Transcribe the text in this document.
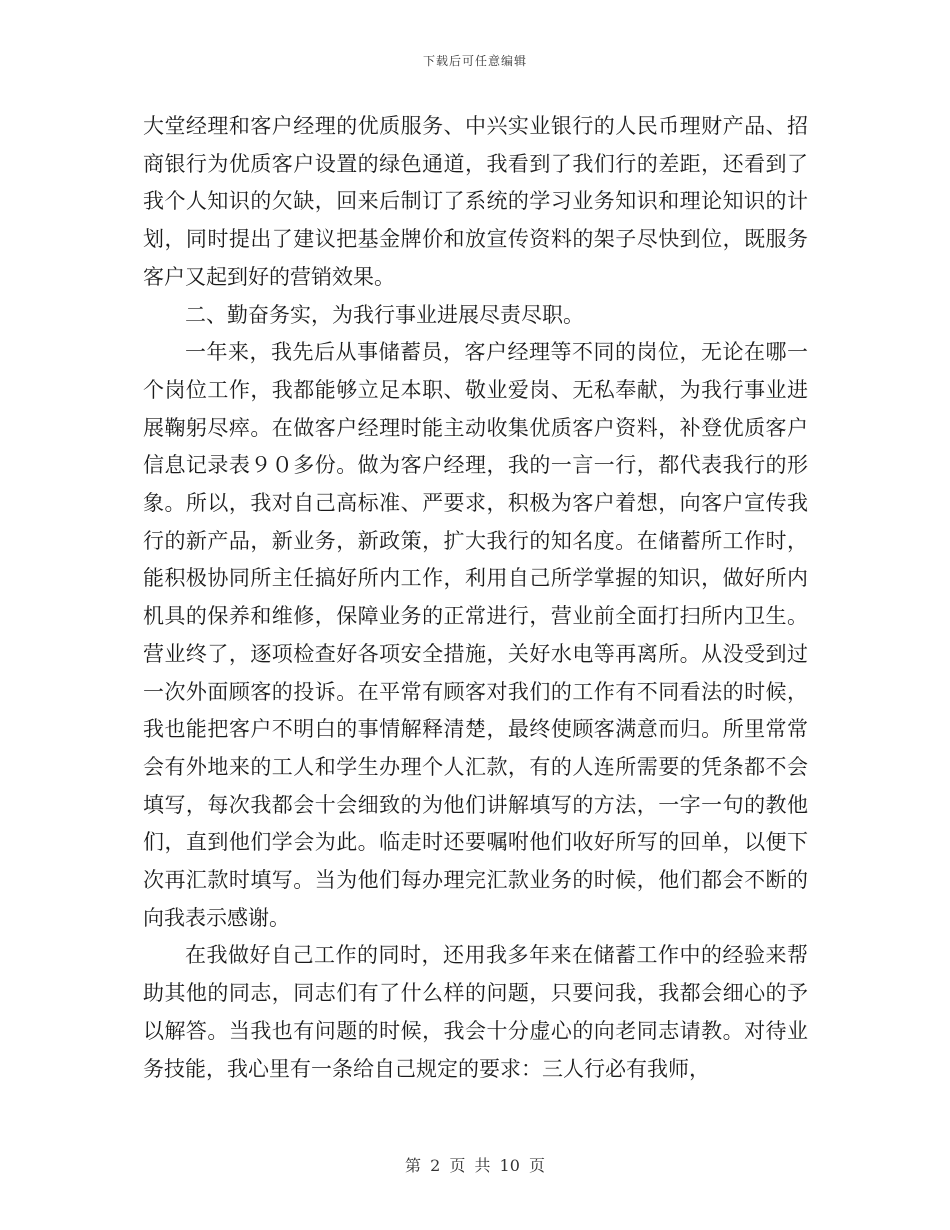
下载后可任意编辑

大堂经理和客户经理的优质服务、中兴实业银行的人民币理财产品、招商银行为优质客户设置的绿色通道，我看到了我们行的差距，还看到了我个人知识的欠缺，回来后制订了系统的学习业务知识和理论知识的计划，同时提出了建议把基金牌价和放宣传资料的架子尽快到位，既服务客户又起到好的营销效果。

二、勤奋务实，为我行事业进展尽责尽职。

一年来，我先后从事储蓄员，客户经理等不同的岗位，无论在哪一个岗位工作，我都能够立足本职、敬业爱岗、无私奉献，为我行事业进展鞠躬尽瘁。在做客户经理时能主动收集优质客户资料，补登优质客户信息记录表９０多份。做为客户经理，我的一言一行，都代表我行的形象。所以，我对自己高标准、严要求，积极为客户着想，向客户宣传我行的新产品，新业务，新政策，扩大我行的知名度。在储蓄所工作时，能积极协同所主任搞好所内工作，利用自己所学掌握的知识，做好所内机具的保养和维修，保障业务的正常进行，营业前全面打扫所内卫生。营业终了，逐项检查好各项安全措施，关好水电等再离所。从没受到过一次外面顾客的投诉。在平常有顾客对我们的工作有不同看法的时候，我也能把客户不明白的事情解释清楚，最终使顾客满意而归。所里常常会有外地来的工人和学生办理个人汇款，有的人连所需要的凭条都不会填写，每次我都会十会细致的为他们讲解填写的方法，一字一句的教他们，直到他们学会为此。临走时还要嘱咐他们收好所写的回单，以便下次再汇款时填写。当为他们每办理完汇款业务的时候，他们都会不断的向我表示感谢。

在我做好自己工作的同时，还用我多年来在储蓄工作中的经验来帮助其他的同志，同志们有了什么样的问题，只要问我，我都会细心的予以解答。当我也有问题的时候，我会十分虚心的向老同志请教。对待业务技能，我心里有一条给自己规定的要求：三人行必有我师，

第 2 页 共 10 页
